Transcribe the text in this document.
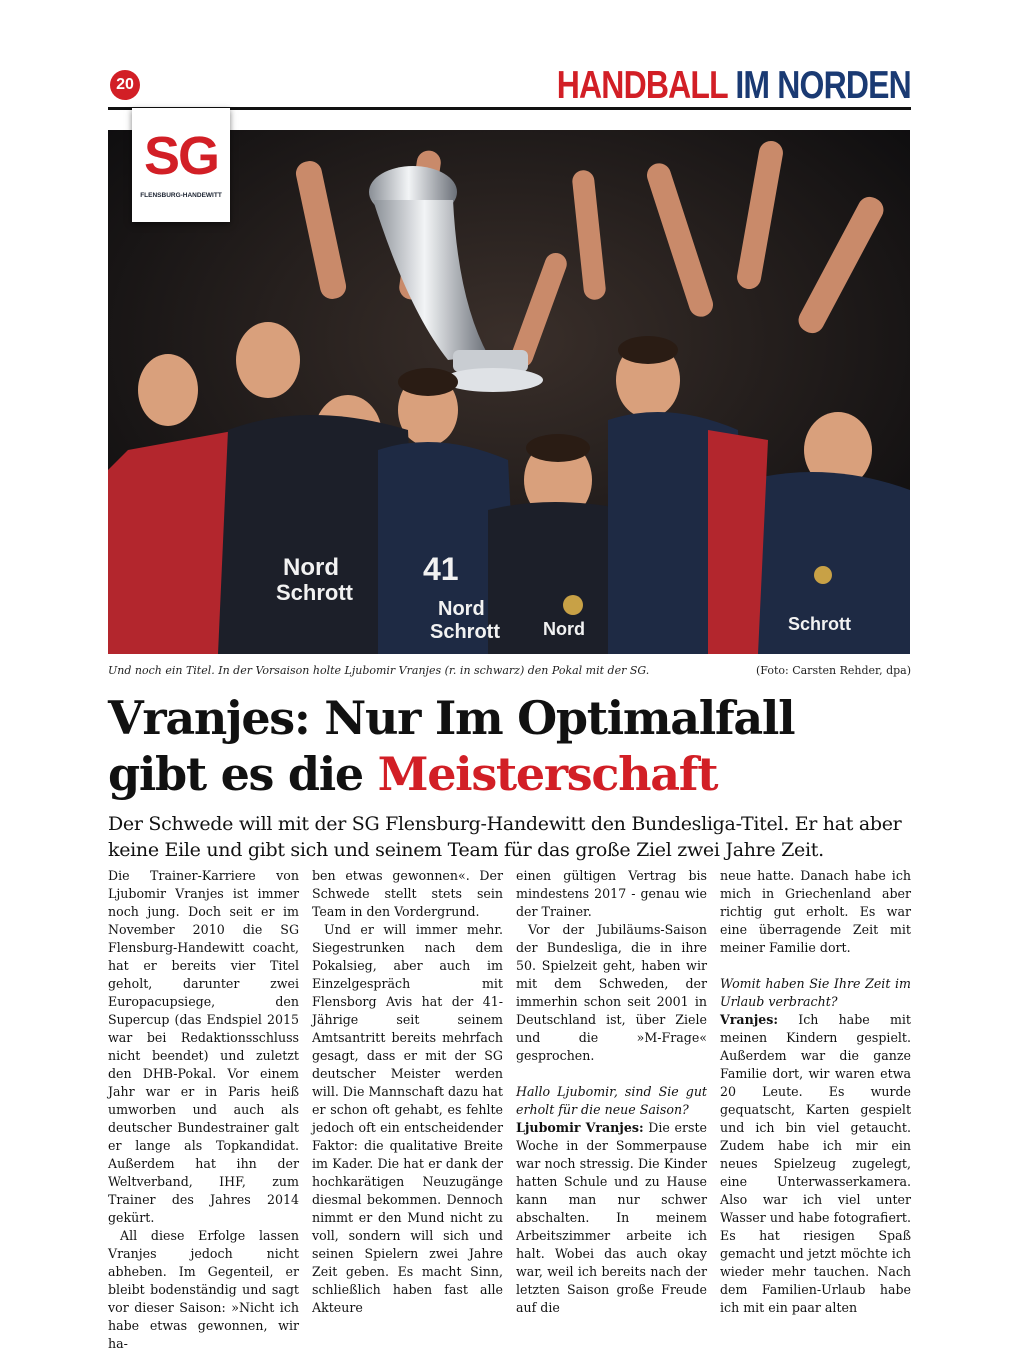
20	HANDBALL IM NORDEN
Nord
Schrott
41
Nord
Schrott Nord	Schrott
SG
FLENSBURG-HANDEWITT
Und noch ein Titel. In der Vorsaison holte Ljubomir Vranjes (r. in schwarz) den Pokal mit der SG.	(Foto: Carsten Rehder, dpa)
Vranjes: Nur Im Optimalfall
gibt es die Meisterschaft

Der Schwede will mit der SG Flensburg-Handewitt den Bundesliga-Titel. Er hat aber keine Eile und gibt sich und seinem Team für das große Ziel zwei Jahre Zeit.

Die Trainer-Karriere von Ljubomir Vranjes ist immer noch jung. Doch seit er im November 2010 die SG Flensburg-Handewitt coacht, hat er bereits vier Titel geholt, darunter zwei Europacupsiege, den Supercup (das Endspiel 2015 war bei Redaktionsschluss nicht beendet) und zuletzt den DHB-Pokal. Vor einem Jahr war er in Paris heiß umworben und auch als deutscher Bundestrainer galt er lange als Topkandidat. Außerdem hat ihn der Weltverband, IHF, zum Trainer des Jahres 2014 gekürt.

All diese Erfolge lassen Vranjes jedoch nicht abheben. Im Gegenteil, er bleibt bodenständig und sagt vor dieser Saison: »Nicht ich habe etwas gewonnen, wir ha-

ben etwas gewonnen«. Der Schwede stellt stets sein Team in den Vordergrund.

Und er will immer mehr. Siegestrunken nach dem Pokalsieg, aber auch im Einzelgespräch mit Flensborg Avis hat der 41-Jährige seit seinem Amtsantritt bereits mehrfach gesagt, dass er mit der SG deutscher Meister werden will. Die Mannschaft dazu hat er schon oft gehabt, es fehlte jedoch oft ein entscheidender Faktor: die qualitative Breite im Kader. Die hat er dank der hochkarätigen Neuzugänge diesmal bekommen. Dennoch nimmt er den Mund nicht zu voll, sondern will sich und seinen Spielern zwei Jahre Zeit geben. Es macht Sinn, schließlich haben fast alle Akteure

einen gültigen Vertrag bis mindestens 2017 - genau wie der Trainer.

Vor der Jubiläums-Saison der Bundesliga, die in ihre 50. Spielzeit geht, haben wir mit dem Schweden, der immerhin schon seit 2001 in Deutschland ist, über Ziele und die »M-Frage« gesprochen.

Hallo Ljubomir, sind Sie gut erholt für die neue Saison?

Ljubomir Vranjes: Die erste Woche in der Sommerpause war noch stressig. Die Kinder hatten Schule und zu Hause kann man nur schwer abschalten. In meinem Arbeitszimmer arbeite ich halt. Wobei das auch okay war, weil ich bereits nach der letzten Saison große Freude auf die

neue hatte. Danach habe ich mich in Griechenland aber richtig gut erholt. Es war eine überragende Zeit mit meiner Familie dort.

Womit haben Sie Ihre Zeit im Urlaub verbracht?

Vranjes: Ich habe mit meinen Kindern gespielt. Außerdem war die ganze Familie dort, wir waren etwa 20 Leute. Es wurde gequatscht, Karten gespielt und ich bin viel getaucht. Zudem habe ich mir ein neues Spielzeug zugelegt, eine Unterwasserkamera. Also war ich viel unter Wasser und habe fotografiert. Es hat riesigen Spaß gemacht und jetzt möchte ich wieder mehr tauchen. Nach dem Familien-Urlaub habe ich mit ein paar alten
